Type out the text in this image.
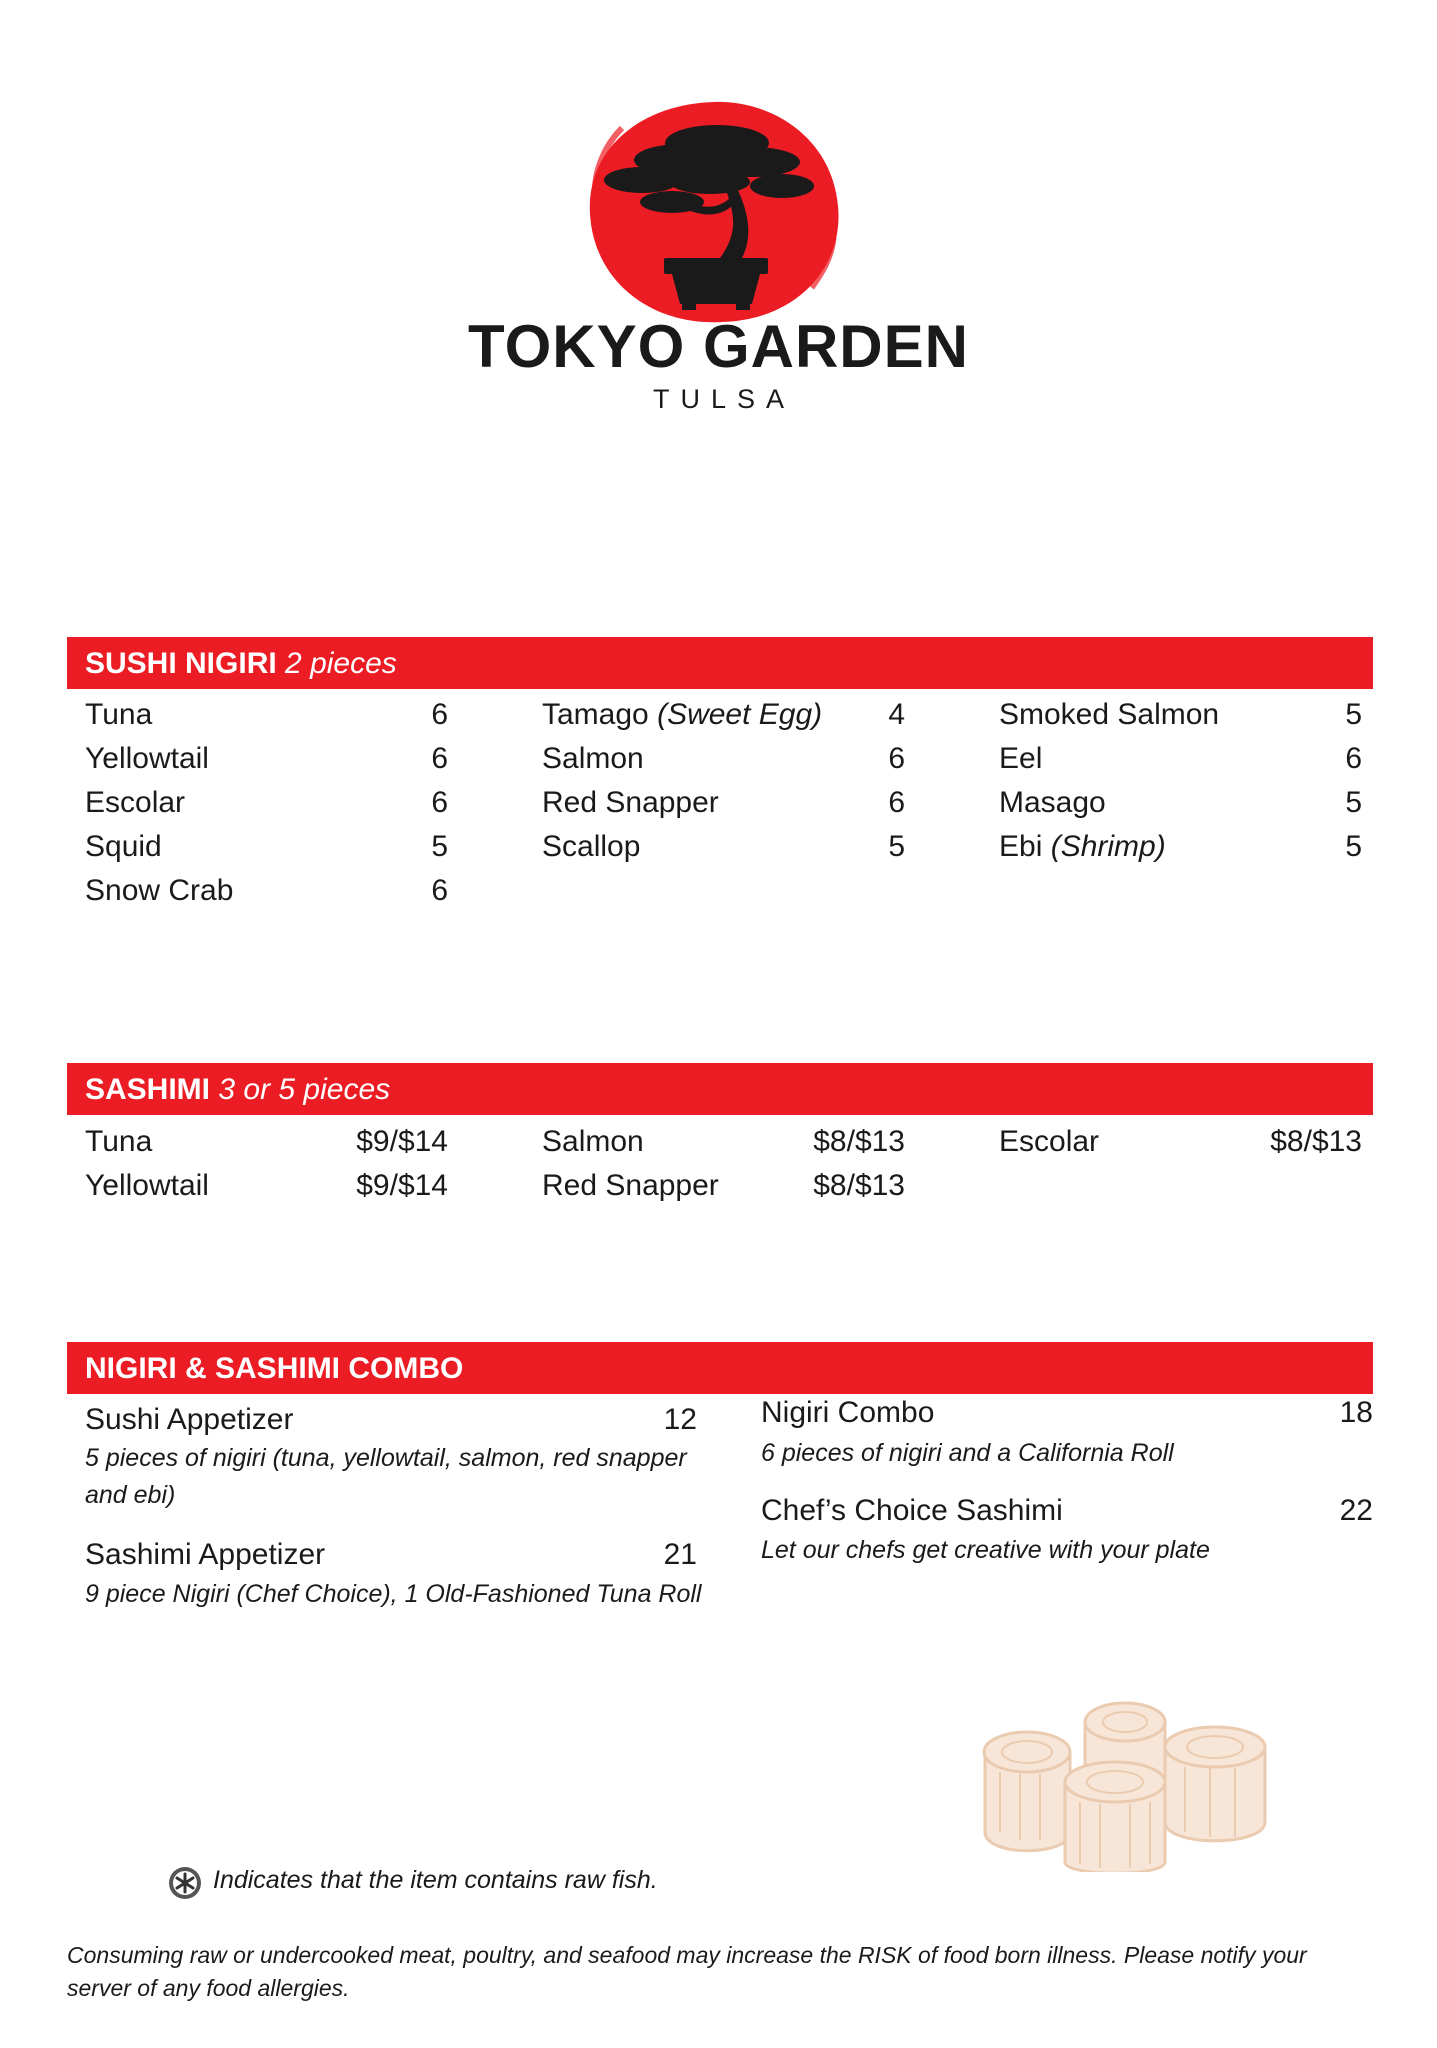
TOKYO GARDEN
TULSA
SUSHI NIGIRI 2 pieces
Tuna	6
Yellowtail	6
Escolar	6
Squid	5
Snow Crab	6
Tamago (Sweet Egg) 4
Salmon	6
Red Snapper	6
Scallop	5
Smoked Salmon	5
Eel	6
Masago	5
Ebi (Shrimp)	5
SASHIMI 3 or 5 pieces
Tuna	$9/$14
Yellowtail	$9/$14
Salmon	$8/$13
Red Snapper	$8/$13
Escolar	$8/$13
NIGIRI & SASHIMI COMBO
Sushi Appetizer	12
5 pieces of nigiri (tuna, yellowtail, salmon, red snapper and ebi)
Sashimi Appetizer	21
9 piece Nigiri (Chef Choice), 1 Old-Fashioned Tuna Roll
Nigiri Combo	18
6 pieces of nigiri and a California Roll
Chef’s Choice Sashimi	22
Let our chefs get creative with your plate
Indicates that the item contains raw fish.
Consuming raw or undercooked meat, poultry, and seafood may increase the RISK of food born illness. Please notify your server of any food allergies.
